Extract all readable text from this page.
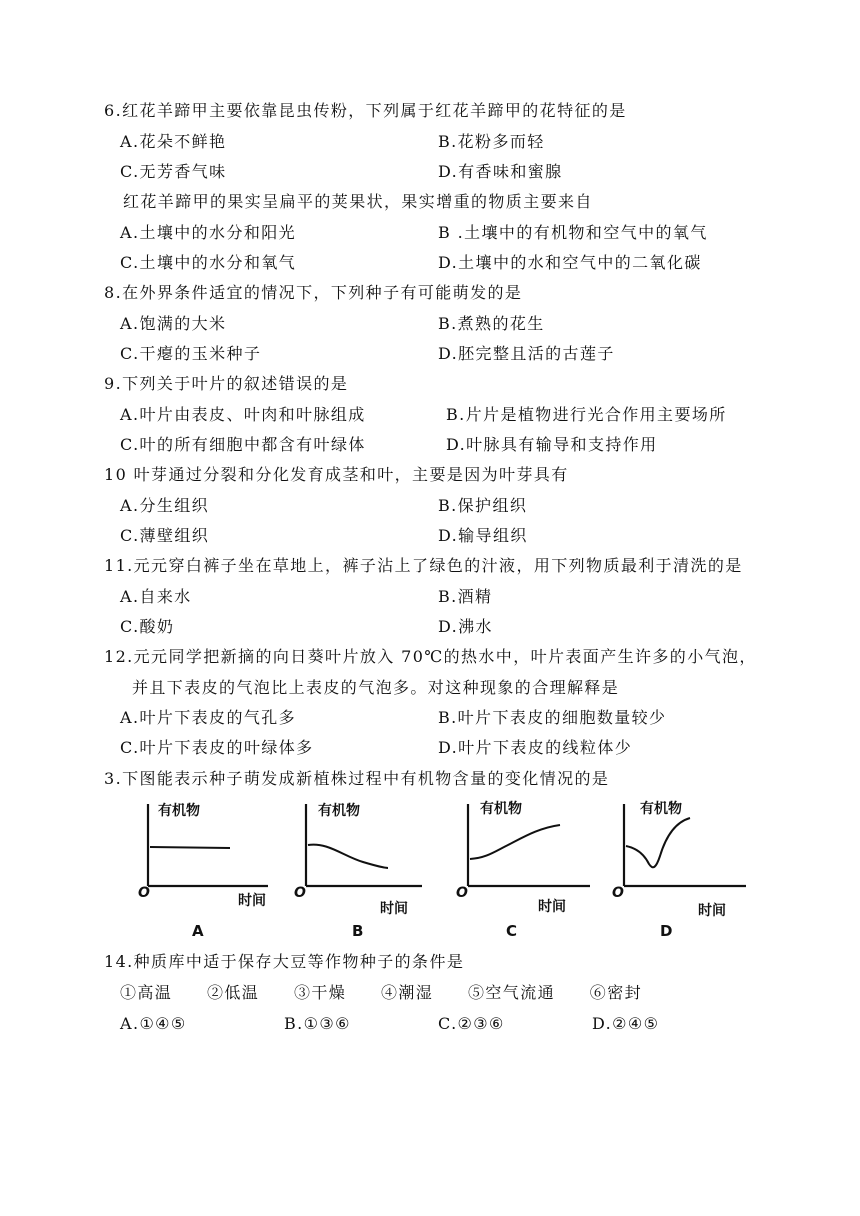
6.红花羊蹄甲主要依靠昆虫传粉，下列属于红花羊蹄甲的花特征的是
A.花朵不鲜艳	B.花粉多而轻
C.无芳香气味	D.有香味和蜜腺
红花羊蹄甲的果实呈扁平的荚果状，果实增重的物质主要来自
A.土壤中的水分和阳光	B .土壤中的有机物和空气中的氧气
C.土壤中的水分和氧气	D.土壤中的水和空气中的二氧化碳
8.在外界条件适宜的情况下，下列种子有可能萌发的是
A.饱满的大米	B.煮熟的花生
C.干瘪的玉米种子	D.胚完整且活的古莲子
9.下列关于叶片的叙述错误的是
A.叶片由表皮、叶肉和叶脉组成	B.片片是植物进行光合作用主要场所
C.叶的所有细胞中都含有叶绿体	D.叶脉具有输导和支持作用
10 叶芽通过分裂和分化发育成茎和叶，主要是因为叶芽具有
A.分生组织	B.保护组织
C.薄壁组织	D.输导组织
11.元元穿白裤子坐在草地上，裤子沾上了绿色的汁液，用下列物质最利于清洗的是
A.自来水	B.酒精
C.酸奶	D.沸水
12.元元同学把新摘的向日葵叶片放入 70℃的热水中，叶片表面产生许多的小气泡，
并且下表皮的气泡比上表皮的气泡多。对这种现象的合理解释是
A.叶片下表皮的气孔多	B.叶片下表皮的细胞数量较少
C.叶片下表皮的叶绿体多	D.叶片下表皮的线粒体少
3.下图能表示种子萌发成新植株过程中有机物含量的变化情况的是
有机物
O	时间
A
有机物
O
时间
B
有机物
O
时间
C
有机物
O
时间
D
14.种质库中适于保存大豆等作物种子的条件是
①高温　　②低温　　③干燥　　④潮湿　　⑤空气流通　　⑥密封
A.①④⑤	B.①③⑥	C.②③⑥	D.②④⑤
